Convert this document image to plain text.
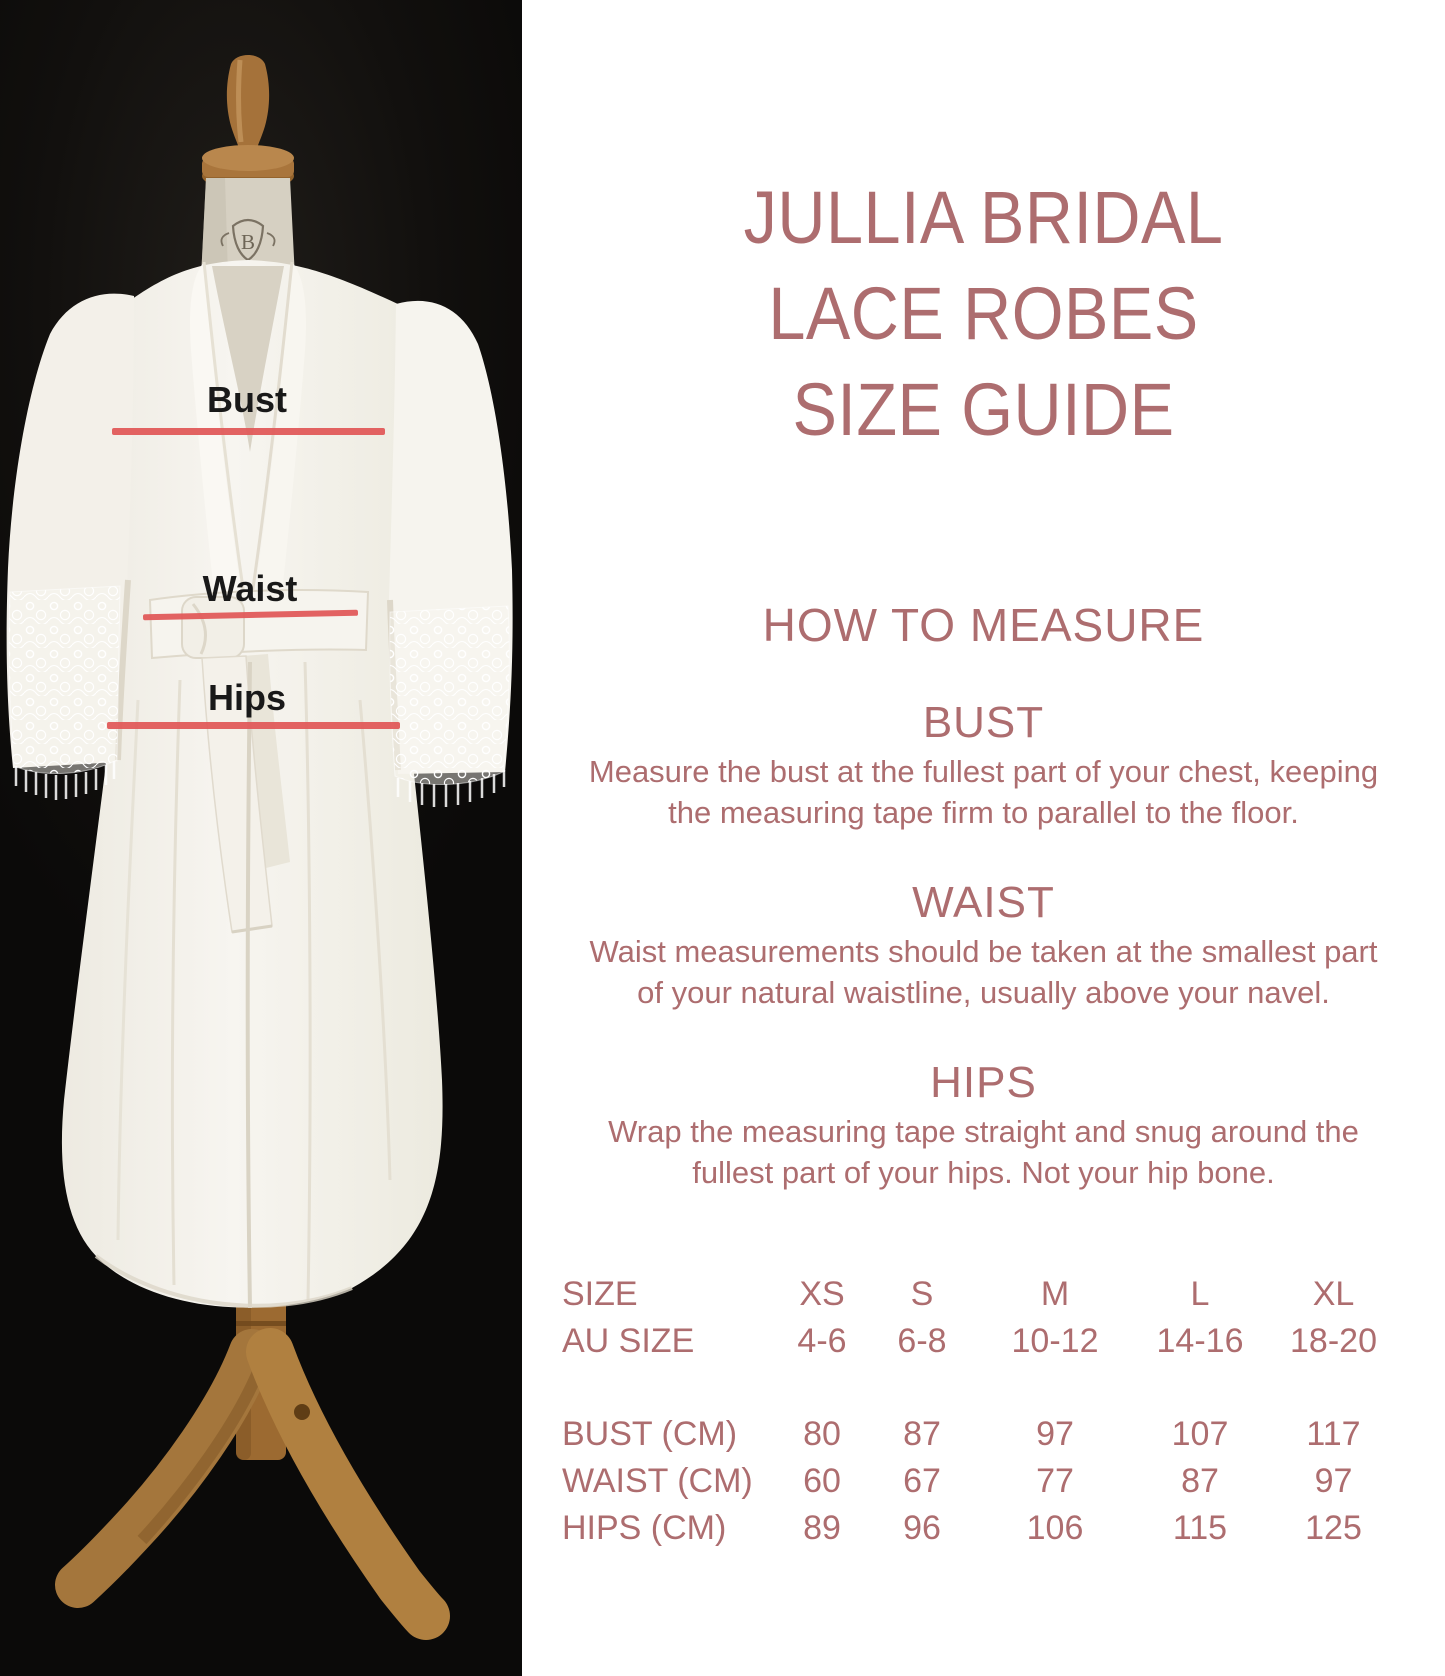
B
Bust
Waist
Hips
JULLIA BRIDAL
LACE ROBES
SIZE GUIDE
HOW TO MEASURE
BUST
Measure the bust at the fullest part of your chest, keeping
the measuring tape firm to parallel to the floor.
WAIST
Waist measurements should be taken at the smallest part
of your natural waistline, usually above your navel.
HIPS
Wrap the measuring tape straight and snug around the
fullest part of your hips. Not your hip bone.
SIZE	XS	S	M	L	XL
AU SIZE	4-6	6-8	10-12	14-16	18-20
BUST (CM)	80	87	97	107	117
WAIST (CM)	60	67	77	87	97
HIPS (CM)	89	96	106	115	125
